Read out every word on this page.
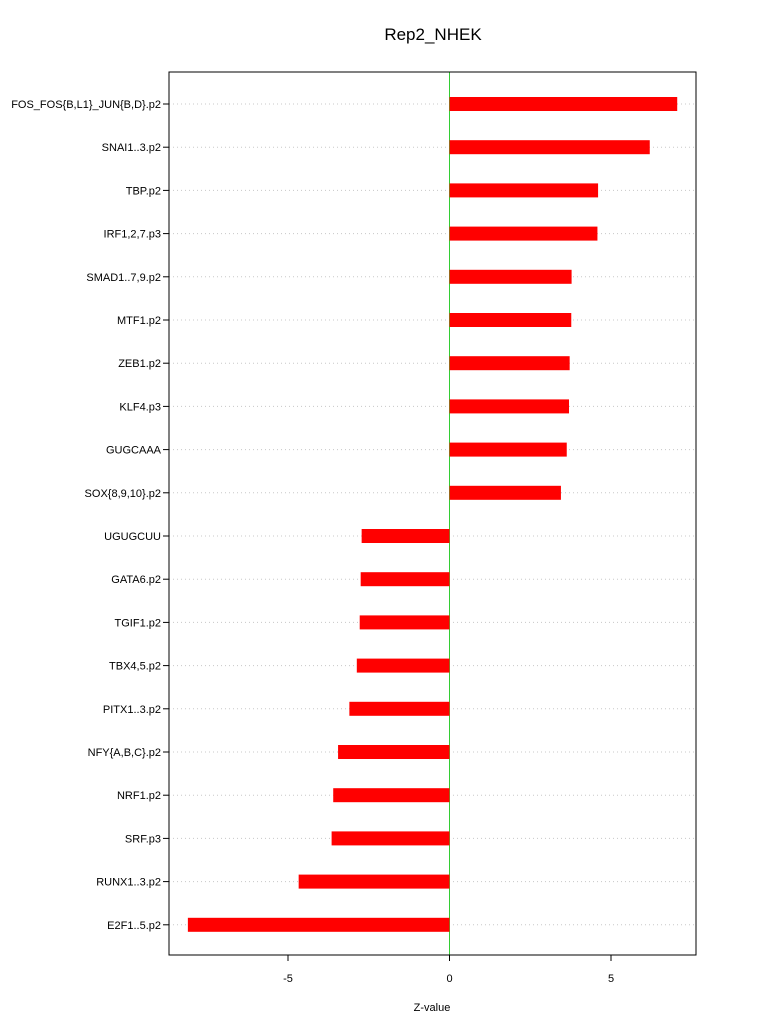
Rep2_NHEK
FOS_FOS{B,L1}_JUN{B,D}.p2
SNAI1..3.p2
TBP.p2
IRF1,2,7.p3
SMAD1..7,9.p2
MTF1.p2
ZEB1.p2
KLF4.p3
GUGCAAA
SOX{8,9,10}.p2
UGUGCUU
GATA6.p2
TGIF1.p2
TBX4,5.p2
PITX1..3.p2
NFY{A,B,C}.p2
NRF1.p2
SRF.p3
RUNX1..3.p2
E2F1..5.p2
-5	0	5
Z-value
